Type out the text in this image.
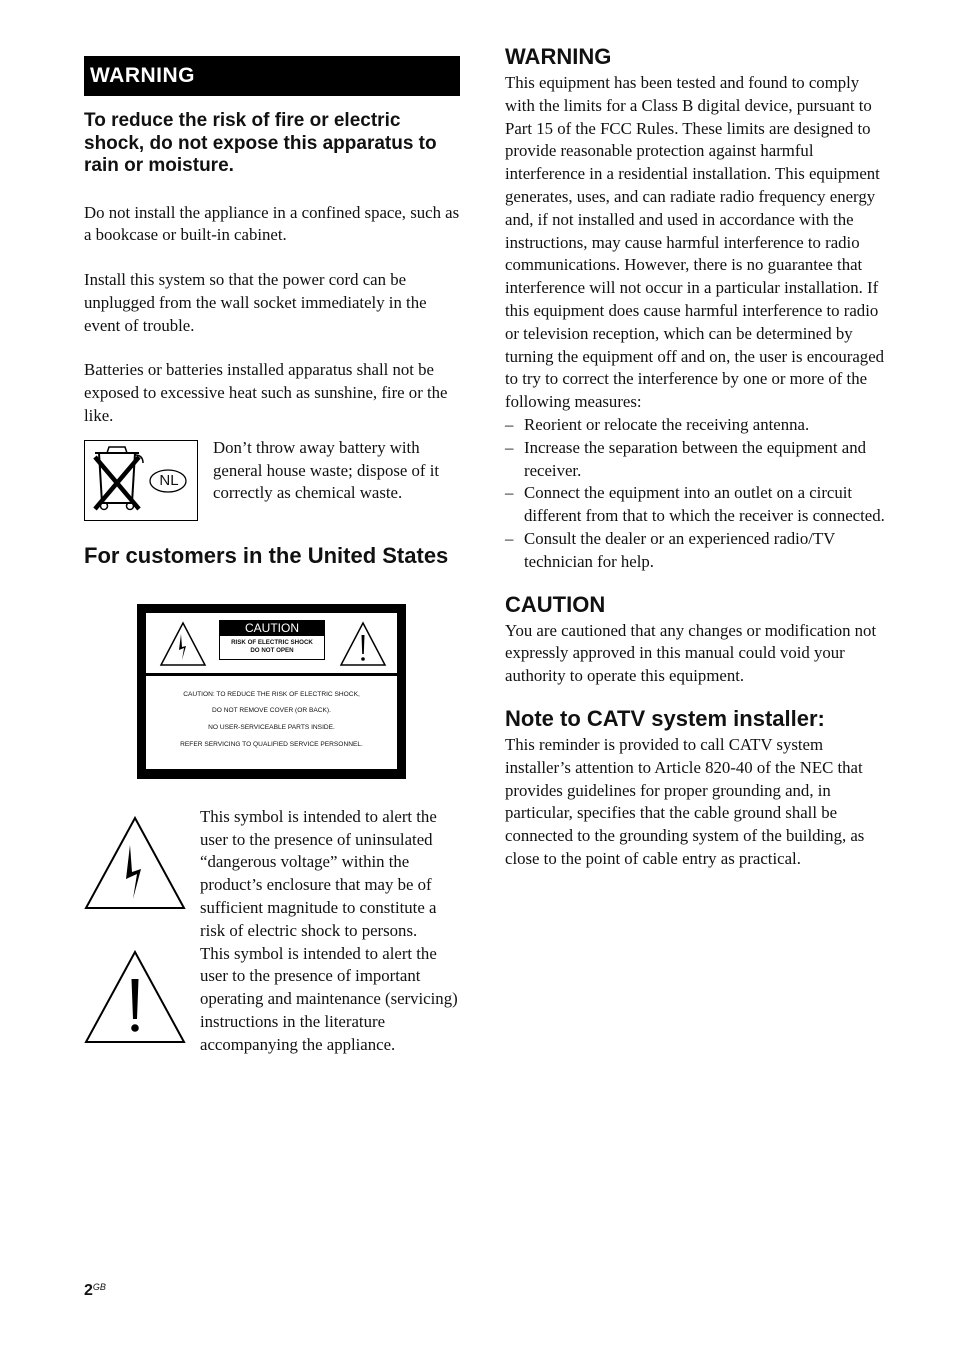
WARNING
To reduce the risk of fire or electric shock, do not expose this apparatus to rain or moisture.

Do not install the appliance in a confined space, such as a bookcase or built-in cabinet.

Install this system so that the power cord can be unplugged from the wall socket immediately in the event of trouble.

Batteries or batteries installed apparatus shall not be exposed to excessive heat such as sunshine, fire or the like.

NL

Don’t throw away battery with general house waste; dispose of it correctly as chemical waste.

For customers in the United States
CAUTION
RISK OF ELECTRIC SHOCK
DO NOT OPEN
CAUTION: TO REDUCE THE RISK OF ELECTRIC SHOCK,
DO NOT REMOVE COVER (OR BACK).
NO USER-SERVICEABLE PARTS INSIDE.
REFER SERVICING TO QUALIFIED SERVICE PERSONNEL.

This symbol is intended to alert the user to the presence of uninsulated “dangerous voltage” within the product’s enclosure that may be of sufficient magnitude to constitute a risk of electric shock to persons.

This symbol is intended to alert the user to the presence of important operating and maintenance (servicing) instructions in the literature accompanying the appliance.

WARNING

This equipment has been tested and found to comply with the limits for a Class B digital device, pursuant to Part 15 of the FCC Rules. These limits are designed to provide reasonable protection against harmful interference in a residential installation. This equipment generates, uses, and can radiate radio frequency energy and, if not installed and used in accordance with the instructions, may cause harmful interference to radio communications. However, there is no guarantee that interference will not occur in a particular installation. If this equipment does cause harmful interference to radio or television reception, which can be determined by turning the equipment off and on, the user is encouraged to try to correct the interference by one or more of the following measures:

– Reorient or relocate the receiving antenna.
– Increase the separation between the equipment and receiver.
– Connect the equipment into an outlet on a circuit different from that to which the receiver is connected.
– Consult the dealer or an experienced radio/TV technician for help.
CAUTION

You are cautioned that any changes or modification not expressly approved in this manual could void your authority to operate this equipment.

Note to CATV system installer:

This reminder is provided to call CATV system installer’s attention to Article 820-40 of the NEC that provides guidelines for proper grounding and, in particular, specifies that the cable ground shall be connected to the grounding system of the building, as close to the point of cable entry as practical.

$2^{GB}$
